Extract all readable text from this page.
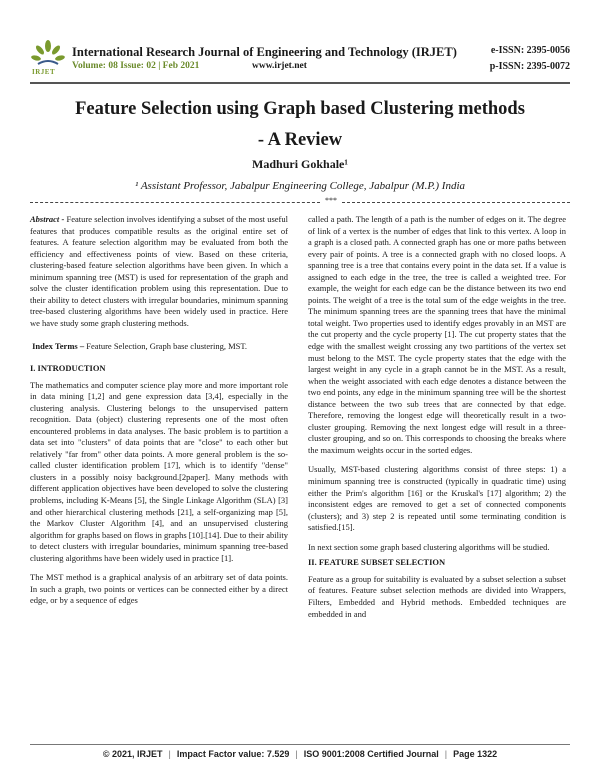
IRJET
International Research Journal of Engineering and Technology (IRJET)
Volume: 08 Issue: 02 | Feb 2021	www.irjet.net
e-ISSN: 2395-0056
p-ISSN: 2395-0072
Feature Selection using Graph based Clustering methods
- A Review
Madhuri Gokhale¹
¹ Assistant Professor, Jabalpur Engineering College, Jabalpur (M.P.) India
***

Abstract - Feature selection involves identifying a subset of the most useful features that produces compatible results as the original entire set of features. A feature selection algorithm may be evaluated from both the efficiency and effectiveness points of view. Based on these criteria, clustering-based feature selection algorithms have been given. In which a minimum spanning tree (MST) is used for representation of the graph and solve the cluster identification problem using this representation. Due to their ability to detect clusters with irregular boundaries, minimum spanning tree-based clustering algorithms have been widely used in practice. Here we have study some graph clustering methods.

Index Terms – Feature Selection, Graph base clustering, MST.

I. INTRODUCTION

The mathematics and computer science play more and more important role in data mining [1,2] and gene expression data [3,4], especially in the clustering analysis. Clustering belongs to the unsupervised pattern recognition. Data (object) clustering represents one of the most often encountered problems in data analyses. The basic problem is to partition a data set into "clusters" of data points that are "close" to each other but relatively "far from" other data points. A more general problem is the so-called cluster identification problem [17], which is to identify "dense" clusters in a possibly noisy background.[2paper]. Many methods with different application objectives have been developed to solve the clustering problems, including K-Means [5], the Single Linkage Algorithm (SLA) [3] and other hierarchical clustering methods [21], a self-organizing map [5], the Markov Cluster Algorithm [4], and an unsupervised clustering algorithm for graphs based on flows in graphs [10].[14]. Due to their ability to detect clusters with irregular boundaries, minimum spanning tree-based clustering algorithms have been widely used in practice [1].

The MST method is a graphical analysis of an arbitrary set of data points. In such a graph, two points or vertices can be connected either by a direct edge, or by a sequence of edges

called a path. The length of a path is the number of edges on it. The degree of link of a vertex is the number of edges that link to this vertex. A loop in a graph is a closed path. A connected graph has one or more paths between every pair of points. A tree is a connected graph with no closed loops. A spanning tree is a tree that contains every point in the data set. If a value is assigned to each edge in the tree, the tree is called a weighted tree. For example, the weight for each edge can be the distance between its two end points. The weight of a tree is the total sum of the edge weights in the tree. The minimum spanning trees are the spanning trees that have the minimal total weight. Two properties used to identify edges provably in an MST are the cut property and the cycle property [1]. The cut property states that the edge with the smallest weight crossing any two partitions of the vertex set must belong to the MST. The cycle property states that the edge with the largest weight in any cycle in a graph cannot be in the MST. As a result, when the weight associated with each edge denotes a distance between the two end points, any edge in the minimum spanning tree will be the shortest distance between the two sub trees that are connected by that edge. Therefore, removing the longest edge will theoretically result in a two-cluster grouping. Removing the next longest edge will result in a three-cluster grouping, and so on. This corresponds to choosing the breaks where the maximum weights occur in the sorted edges.

Usually, MST-based clustering algorithms consist of three steps: 1) a minimum spanning tree is constructed (typically in quadratic time) using either the Prim's algorithm [16] or the Kruskal's [17] algorithm; 2) the inconsistent edges are removed to get a set of connected components (clusters); and 3) step 2 is repeated until some terminating condition is satisfied.[15].

In next section some graph based clustering algorithms will be studied.

II. FEATURE SUBSET SELECTION

Feature as a group for suitability is evaluated by a subset selection a subset of features. Feature subset selection methods are divided into Wrappers, Filters, Embedded and Hybrid methods. Embedded techniques are embedded in and

© 2021, IRJET | Impact Factor value: 7.529 | ISO 9001:2008 Certified Journal | Page 1322
